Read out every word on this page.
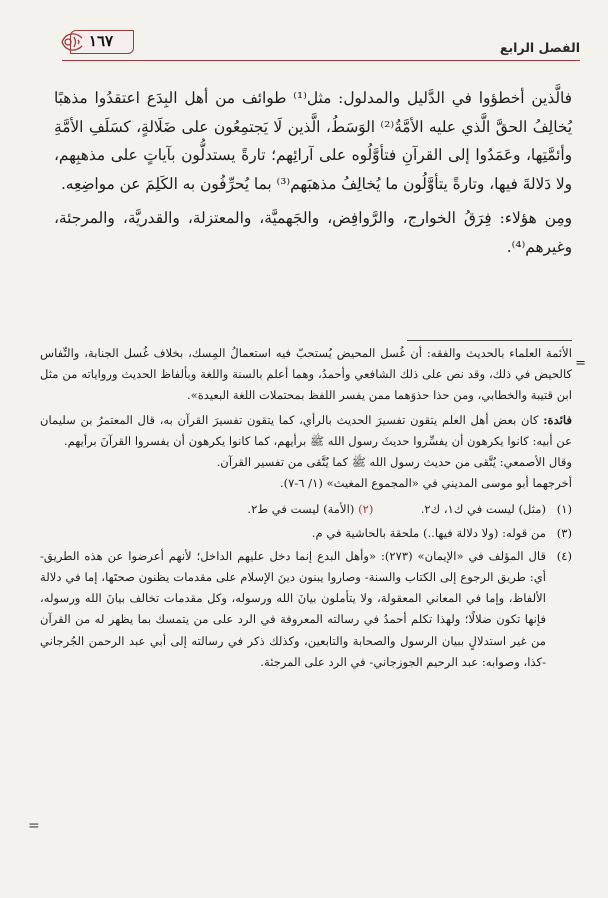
الفصل الرابع
١٦٧

فالَّذين أخطؤوا في الدَّليل والمدلول: مثل⁽¹⁾ طوائف من أهل البِدَع اعتقدُوا مذهبًا يُخالِفُ الحقَّ الَّذي عليه الأمَّةُ⁽²⁾ الوَسَطُ، الَّذين لَا يَجتمِعُون على ضَلَالةٍ، كسَلَفِ الأمَّةِ وأئمَّتِها، وعَمَدُوا إلى القرآنِ فتأوَّلُوه على آرائِهم؛ تارةً يستدلُّون بآياتٍ على مذهبِهم، ولا دَلالةَ فيها، وتارةً يتأوَّلُون ما يُخالِفُ مذهبَهم⁽³⁾ بما يُحرِّفُون به الكَلِمَ عن مواضِعِه.

ومِن هؤلاء: فِرَقُ الخوارج، والرَّوافِض، والجَهميَّة، والمعتزلة، والقدريَّة، والمرجئة، وغيرهم⁽⁴⁾.

=

الأئمة العلماء بالحديث والفقه: أن غُسل المحيض يُستحبّ فيه استعمالُ المِسك، بخلاف غُسل الجنابة، والنِّفاس كالحيض في ذلك، وقد نص على ذلك الشافعي وأحمدُ، وهما أعلم بالسنة واللغة وبألفاظ الحديث ورواياته من مثل ابن قتيبة والخطابي، ومن حذا حذوَهما ممن يفسر اللفظ بمحتملات اللغة البعيدة».

فائدة: كان بعض أهل العلم يتقون تفسيرَ الحديث بالرأي، كما يتقون تفسيرَ القرآن به، قال المعتمرُ بن سليمان عن أبيه: كانوا يكرهون أن يفسِّروا حديثَ رسول الله ﷺ برأيهم، كما كانوا يكرهون أن يفسروا القرآنَ برأيهم.

وقال الأصمعي: يُتَّقى من حديث رسول الله ﷺ كما يُتَّقى من تفسير القرآن.

أخرجهما أبو موسى المديني في «المجموع المغيث» (١/ ٦-٧).

(١)
(مثل) ليست في ك١، ك٢.  (٢) (الأمة) ليست في ط٢.
(٣)
من قوله: (ولا دلالة فيها..) ملحقة بالحاشية في م.
(٤)
قال المؤلف في «الإيمان» (٢٧٣): «وأهل البدع إنما دخل عليهم الداخل؛ لأنهم أعرضوا عن هذه الطريق- أي: طريق الرجوع إلى الكتاب والسنة- وصاروا يبنون دينَ الإسلام على مقدمات يظنون صحتَها، إما في دلالة الألفاظ، وإما في المعاني المعقولة، ولا يتأملون بيانَ الله ورسوله، وكل مقدمات تخالف بيانَ الله ورسوله، فإنها تكون ضلالًا؛ ولهذا تكلم أحمدُ في رسالته المعروفة في الرد على من يتمسك بما يظهر له من القرآن من غير استدلالٍ ببيان الرسول والصحابة والتابعين، وكذلك ذكر في رسالته إلى أبي عبد الرحمن الجُرجاني -كذا، وصوابه: عبد الرحيم الجوزجاني- في الرد على المرجئة.
=
